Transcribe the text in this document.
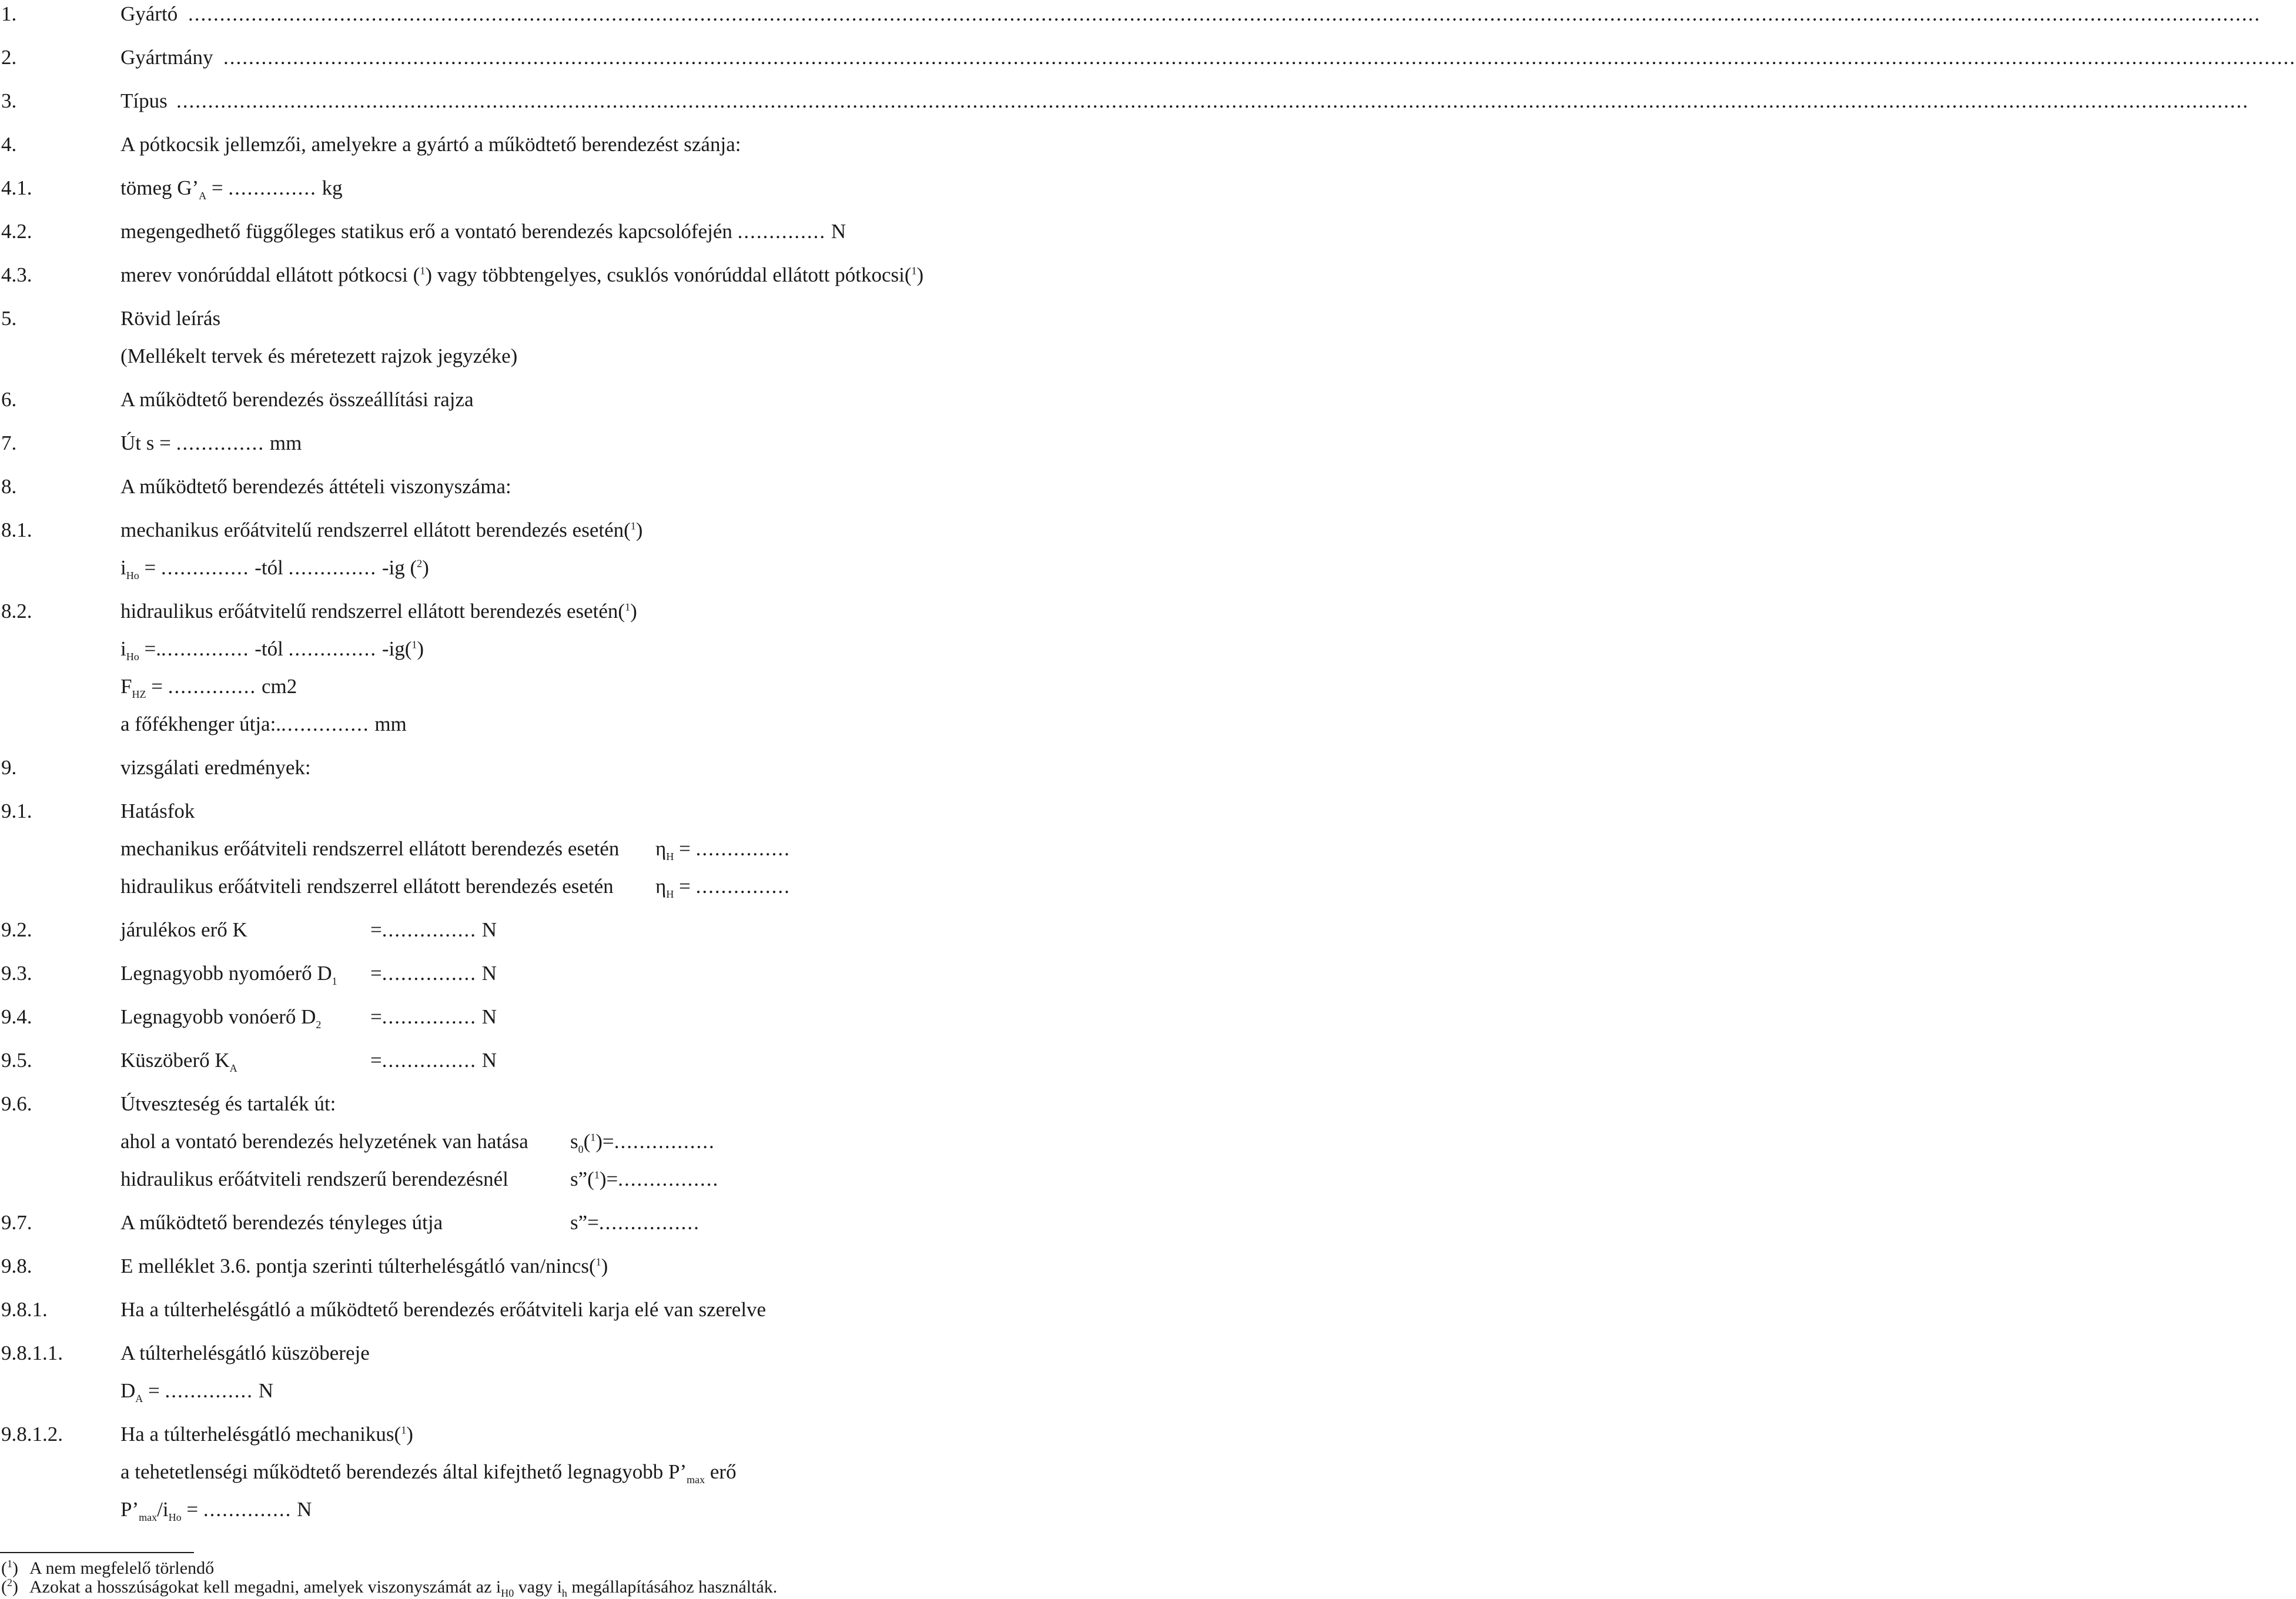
1.	Gyártó ........................................................................................................................................................................................................................................................................................................................................
2.	Gyártmány ........................................................................................................................................................................................................................................................................................................................................
3.	Típus ........................................................................................................................................................................................................................................................................................................................................
4.	A pótkocsik jellemzői, amelyekre a gyártó a működtető berendezést szánja:
4.1.	tömeg $G’_A$ = .............. kg
4.2.	megengedhető függőleges statikus erő a vontató berendezés kapcsolófején .............. N
4.3.	merev vonórúddal ellátott pótkocsi ($^1$) vagy többtengelyes, csuklós vonórúddal ellátott pótkocsi($^1$)
5.	Rövid leírás
(Mellékelt tervek és méretezett rajzok jegyzéke)
6.	A működtető berendezés összeállítási rajza
7.	Út s = .............. mm
8.	A működtető berendezés áttételi viszonyszáma:
8.1.	mechanikus erőátvitelű rendszerrel ellátott berendezés esetén($^1$)
$i_{Ho}$ = .............. -tól .............. -ig ($^2$)
8.2.	hidraulikus erőátvitelű rendszerrel ellátott berendezés esetén($^1$)
$i_{Ho}$ =............... -tól .............. -ig($^1$)
$F_{HZ}$ = .............. cm2
a főfékhenger útja:............... mm
9.	vizsgálati eredmények:
9.1.	Hatásfok
mechanikus erőátviteli rendszerrel ellátott berendezés esetén $\eta_H$ = ...............
hidraulikus erőátviteli rendszerrel ellátott berendezés esetén $\eta_H$ = ...............
9.2.	járulékos erő K	=............... N
9.3.	Legnagyobb nyomóerő $D_1$ =............... N
9.4.	Legnagyobb vonóerő $D_2$ =............... N
9.5.	Küszöberő $K_A$	=............... N
9.6.	Útveszteség és tartalék út:
ahol a vontató berendezés helyzetének van hatása $s_0(^1)=$................
hidraulikus erőátviteli rendszerű berendezésnél	s”($^1$)=................
9.7.	A működtető berendezés tényleges útja	s”=................
9.8.	E melléklet 3.6. pontja szerinti túlterhelésgátló van/nincs($^1$)
9.8.1.	Ha a túlterhelésgátló a működtető berendezés erőátviteli karja elé van szerelve
9.8.1.1.	A túlterhelésgátló küszöbereje
$D_A$ = .............. N
9.8.1.2.	Ha a túlterhelésgátló mechanikus($^1$)
a tehetetlenségi működtető berendezés által kifejthető legnagyobb $P’_{max}$ erő
$P’_{max}/i_{Ho}$ = .............. N
($^1$) A nem megfelelő törlendő
($^2$) Azokat a hosszúságokat kell megadni, amelyek viszonyszámát az $i_{H0}$ vagy $i_h$ megállapításához használták.
